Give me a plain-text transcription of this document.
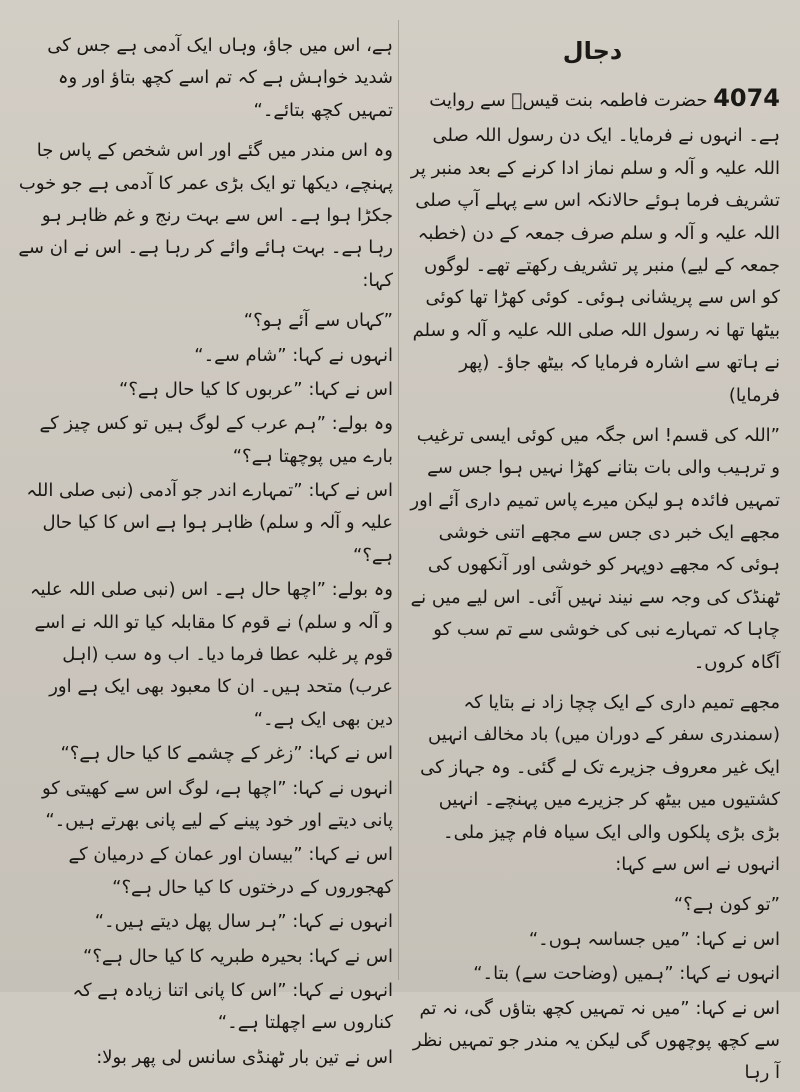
دجال

4074 حضرت فاطمہ بنت قیسؓ سے روایت ہے۔ انہوں نے فرمایا۔ ایک دن رسول اللہ صلی اللہ علیہ و آلہ و سلم نماز ادا کرنے کے بعد منبر پر تشریف فرما ہوئے حالانکہ اس سے پہلے آپ صلی اللہ علیہ و آلہ و سلم صرف جمعہ کے دن (خطبہ جمعہ کے لیے) منبر پر تشریف رکھتے تھے۔ لوگوں کو اس سے پریشانی ہوئی۔ کوئی کھڑا تھا کوئی بیٹھا تھا نہ رسول اللہ صلی اللہ علیہ و آلہ و سلم نے ہاتھ سے اشارہ فرمایا کہ بیٹھ جاؤ۔ (پھر فرمایا)

”اللہ کی قسم! اس جگہ میں کوئی ایسی ترغیب و ترہیب والی بات بتانے کھڑا نہیں ہوا جس سے تمہیں فائدہ ہو لیکن میرے پاس تمیم داری آئے اور مجھے ایک خبر دی جس سے مجھے اتنی خوشی ہوئی کہ مجھے دوپہر کو خوشی اور آنکھوں کی ٹھنڈک کی وجہ سے نیند نہیں آئی۔ اس لیے میں نے چاہا کہ تمہارے نبی کی خوشی سے تم سب کو آگاہ کروں۔

مجھے تمیم داری کے ایک چچا زاد نے بتایا کہ (سمندری سفر کے دوران میں) باد مخالف انہیں ایک غیر معروف جزیرے تک لے گئی۔ وہ جہاز کی کشتیوں میں بیٹھ کر جزیرے میں پہنچے۔ انہیں بڑی بڑی پلکوں والی ایک سیاہ فام چیز ملی۔ انہوں نے اس سے کہا:

”تو کون ہے؟“

اس نے کہا: ”میں جساسہ ہوں۔“

انہوں نے کہا: ”ہمیں (وضاحت سے) بتا۔“

اس نے کہا: ”میں نہ تمہیں کچھ بتاؤں گی، نہ تم سے کچھ پوچھوں گی لیکن یہ مندر جو تمہیں نظر آ رہا

ہے، اس میں جاؤ، وہاں ایک آدمی ہے جس کی شدید خواہش ہے کہ تم اسے کچھ بتاؤ اور وہ تمہیں کچھ بتائے۔“

وہ اس مندر میں گئے اور اس شخص کے پاس جا پہنچے، دیکھا تو ایک بڑی عمر کا آدمی ہے جو خوب جکڑا ہوا ہے۔ اس سے بہت رنج و غم ظاہر ہو رہا ہے۔ بہت ہائے وائے کر رہا ہے۔ اس نے ان سے کہا:

”کہاں سے آئے ہو؟“

انہوں نے کہا: ”شام سے۔“

اس نے کہا: ”عربوں کا کیا حال ہے؟“

وہ بولے: ”ہم عرب کے لوگ ہیں تو کس چیز کے بارے میں پوچھتا ہے؟“

اس نے کہا: ”تمہارے اندر جو آدمی (نبی صلی اللہ علیہ و آلہ و سلم) ظاہر ہوا ہے اس کا کیا حال ہے؟“

وہ بولے: ”اچھا حال ہے۔ اس (نبی صلی اللہ علیہ و آلہ و سلم) نے قوم کا مقابلہ کیا تو اللہ نے اسے قوم پر غلبہ عطا فرما دیا۔ اب وہ سب (اہل عرب) متحد ہیں۔ ان کا معبود بھی ایک ہے اور دین بھی ایک ہے۔“

اس نے کہا: ”زغر کے چشمے کا کیا حال ہے؟“

انہوں نے کہا: ”اچھا ہے، لوگ اس سے کھیتی کو پانی دیتے اور خود پینے کے لیے پانی بھرتے ہیں۔“

اس نے کہا: ”بیسان اور عمان کے درمیان کے کھجوروں کے درختوں کا کیا حال ہے؟“

انہوں نے کہا: ”ہر سال پھل دیتے ہیں۔“

اس نے کہا: بحیرہ طبریہ کا کیا حال ہے؟“

انہوں نے کہا: ”اس کا پانی اتنا زیادہ ہے کہ کناروں سے اچھلتا ہے۔“

اس نے تین بار ٹھنڈی سانس لی پھر بولا:
